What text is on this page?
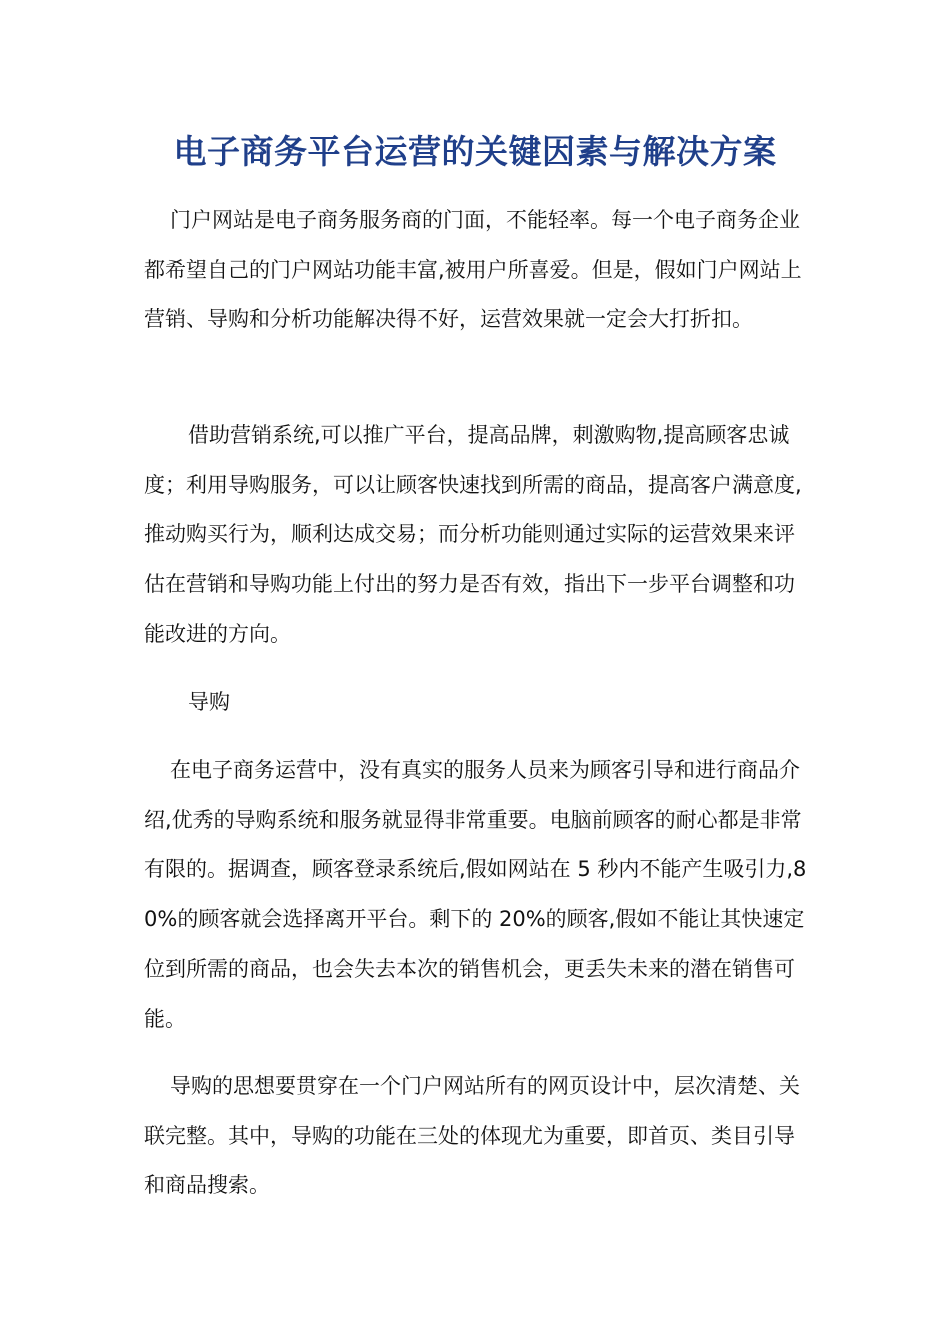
电子商务平台运营的关键因素与解决方案

门户网站是电子商务服务商的门面，不能轻率。每一个电子商务企业都希望自己的门户网站功能丰富,被用户所喜爱。但是，假如门户网站上营销、导购和分析功能解决得不好，运营效果就一定会大打折扣。

借助营销系统,可以推广平台，提高品牌，刺激购物,提高顾客忠诚度；利用导购服务，可以让顾客快速找到所需的商品，提高客户满意度,推动购买行为，顺利达成交易；而分析功能则通过实际的运营效果来评估在营销和导购功能上付出的努力是否有效，指出下一步平台调整和功能改进的方向。

导购

在电子商务运营中，没有真实的服务人员来为顾客引导和进行商品介绍,优秀的导购系统和服务就显得非常重要。电脑前顾客的耐心都是非常有限的。据调查，顾客登录系统后,假如网站在 5 秒内不能产生吸引力,80%的顾客就会选择离开平台。剩下的 20%的顾客,假如不能让其快速定位到所需的商品，也会失去本次的销售机会，更丢失未来的潜在销售可能。

导购的思想要贯穿在一个门户网站所有的网页设计中，层次清楚、关联完整。其中，导购的功能在三处的体现尤为重要，即首页、类目引导和商品搜索。
